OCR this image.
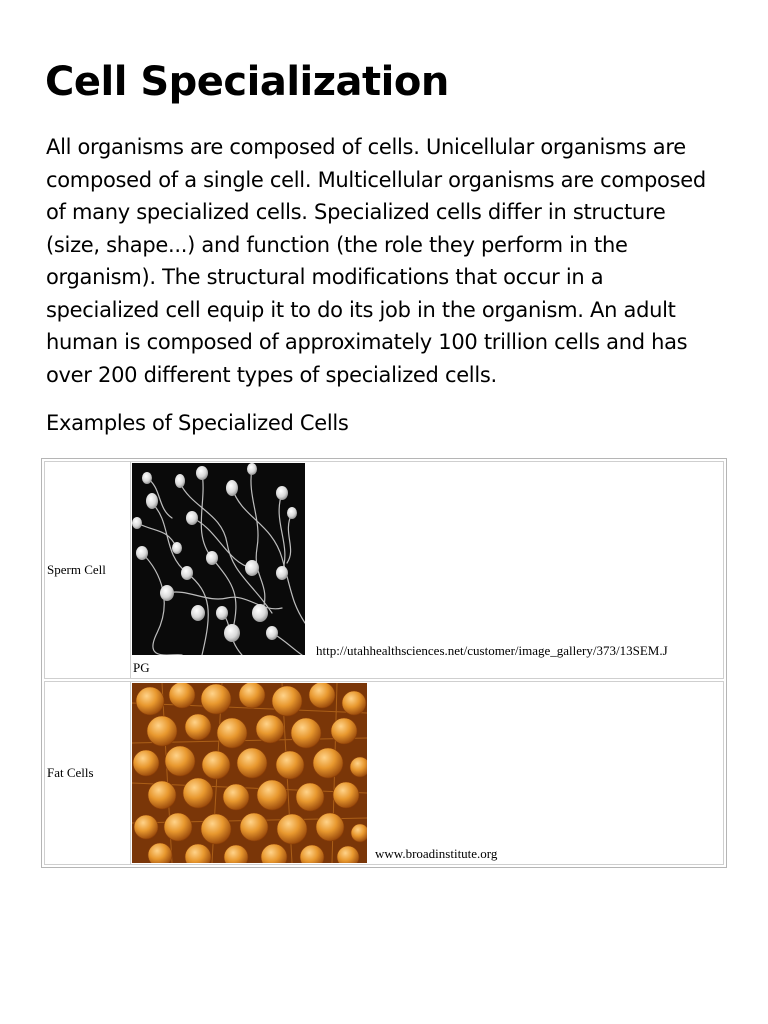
Cell Specialization
All organisms are composed of cells. Unicellular organisms are
composed of a single cell. Multicellular organisms are composed
of many specialized cells. Specialized cells differ in structure
(size, shape...) and function (the role they perform in the
organism). The structural modifications that occur in a
specialized cell equip it to do its job in the organism. An adult
human is composed of approximately 100 trillion cells and has
over 200 different types of specialized cells.
Examples of Specialized Cells
Sperm Cell
http://utahhealthsciences.net/customer/image_gallery/373/13SEM.J
PG
Fat Cells
www.broadinstitute.org
